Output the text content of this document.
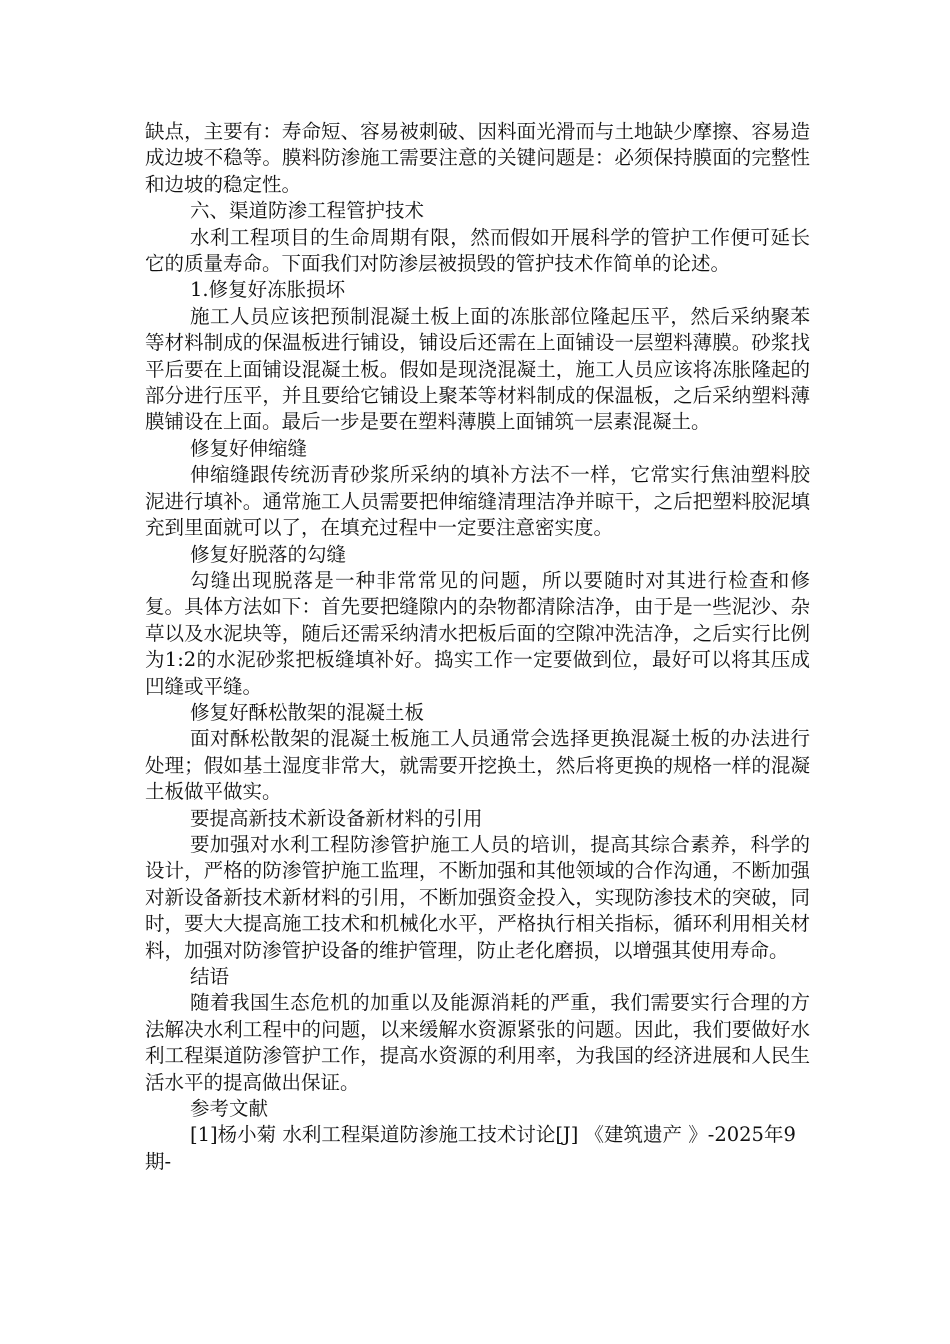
缺点，主要有：寿命短、容易被刺破、因料面光滑而与土地缺少摩擦、容易造成边坡不稳等。膜料防渗施工需要注意的关键问题是：必须保持膜面的完整性和边坡的稳定性。

六、渠道防渗工程管护技术

水利工程项目的生命周期有限，然而假如开展科学的管护工作便可延长它的质量寿命。下面我们对防渗层被损毁的管护技术作简单的论述。

1.修复好冻胀损坏

施工人员应该把预制混凝土板上面的冻胀部位隆起压平，然后采纳聚苯等材料制成的保温板进行铺设，铺设后还需在上面铺设一层塑料薄膜。砂浆找平后要在上面铺设混凝土板。假如是现浇混凝土，施工人员应该将冻胀隆起的部分进行压平，并且要给它铺设上聚苯等材料制成的保温板，之后采纳塑料薄膜铺设在上面。最后一步是要在塑料薄膜上面铺筑一层素混凝土。

修复好伸缩缝

伸缩缝跟传统沥青砂浆所采纳的填补方法不一样，它常实行焦油塑料胶泥进行填补。通常施工人员需要把伸缩缝清理洁净并晾干，之后把塑料胶泥填充到里面就可以了，在填充过程中一定要注意密实度。

修复好脱落的勾缝

勾缝出现脱落是一种非常常见的问题，所以要随时对其进行检查和修复。具体方法如下：首先要把缝隙内的杂物都清除洁净，由于是一些泥沙、杂草以及水泥块等，随后还需采纳清水把板后面的空隙冲洗洁净，之后实行比例为1:2的水泥砂浆把板缝填补好。捣实工作一定要做到位，最好可以将其压成凹缝或平缝。

修复好酥松散架的混凝土板

面对酥松散架的混凝土板施工人员通常会选择更换混凝土板的办法进行处理；假如基土湿度非常大，就需要开挖换土，然后将更换的规格一样的混凝土板做平做实。

要提高新技术新设备新材料的引用

要加强对水利工程防渗管护施工人员的培训，提高其综合素养，科学的设计，严格的防渗管护施工监理，不断加强和其他领域的合作沟通，不断加强对新设备新技术新材料的引用，不断加强资金投入，实现防渗技术的突破，同时，要大大提高施工技术和机械化水平，严格执行相关指标，循环利用相关材料，加强对防渗管护设备的维护管理，防止老化磨损，以增强其使用寿命。

结语

随着我国生态危机的加重以及能源消耗的严重，我们需要实行合理的方法解决水利工程中的问题，以来缓解水资源紧张的问题。因此，我们要做好水利工程渠道防渗管护工作，提高水资源的利用率，为我国的经济进展和人民生活水平的提高做出保证。

参考文献

[1]杨小菊 水利工程渠道防渗施工技术讨论[J] 《建筑遗产 》-2025年9期-
